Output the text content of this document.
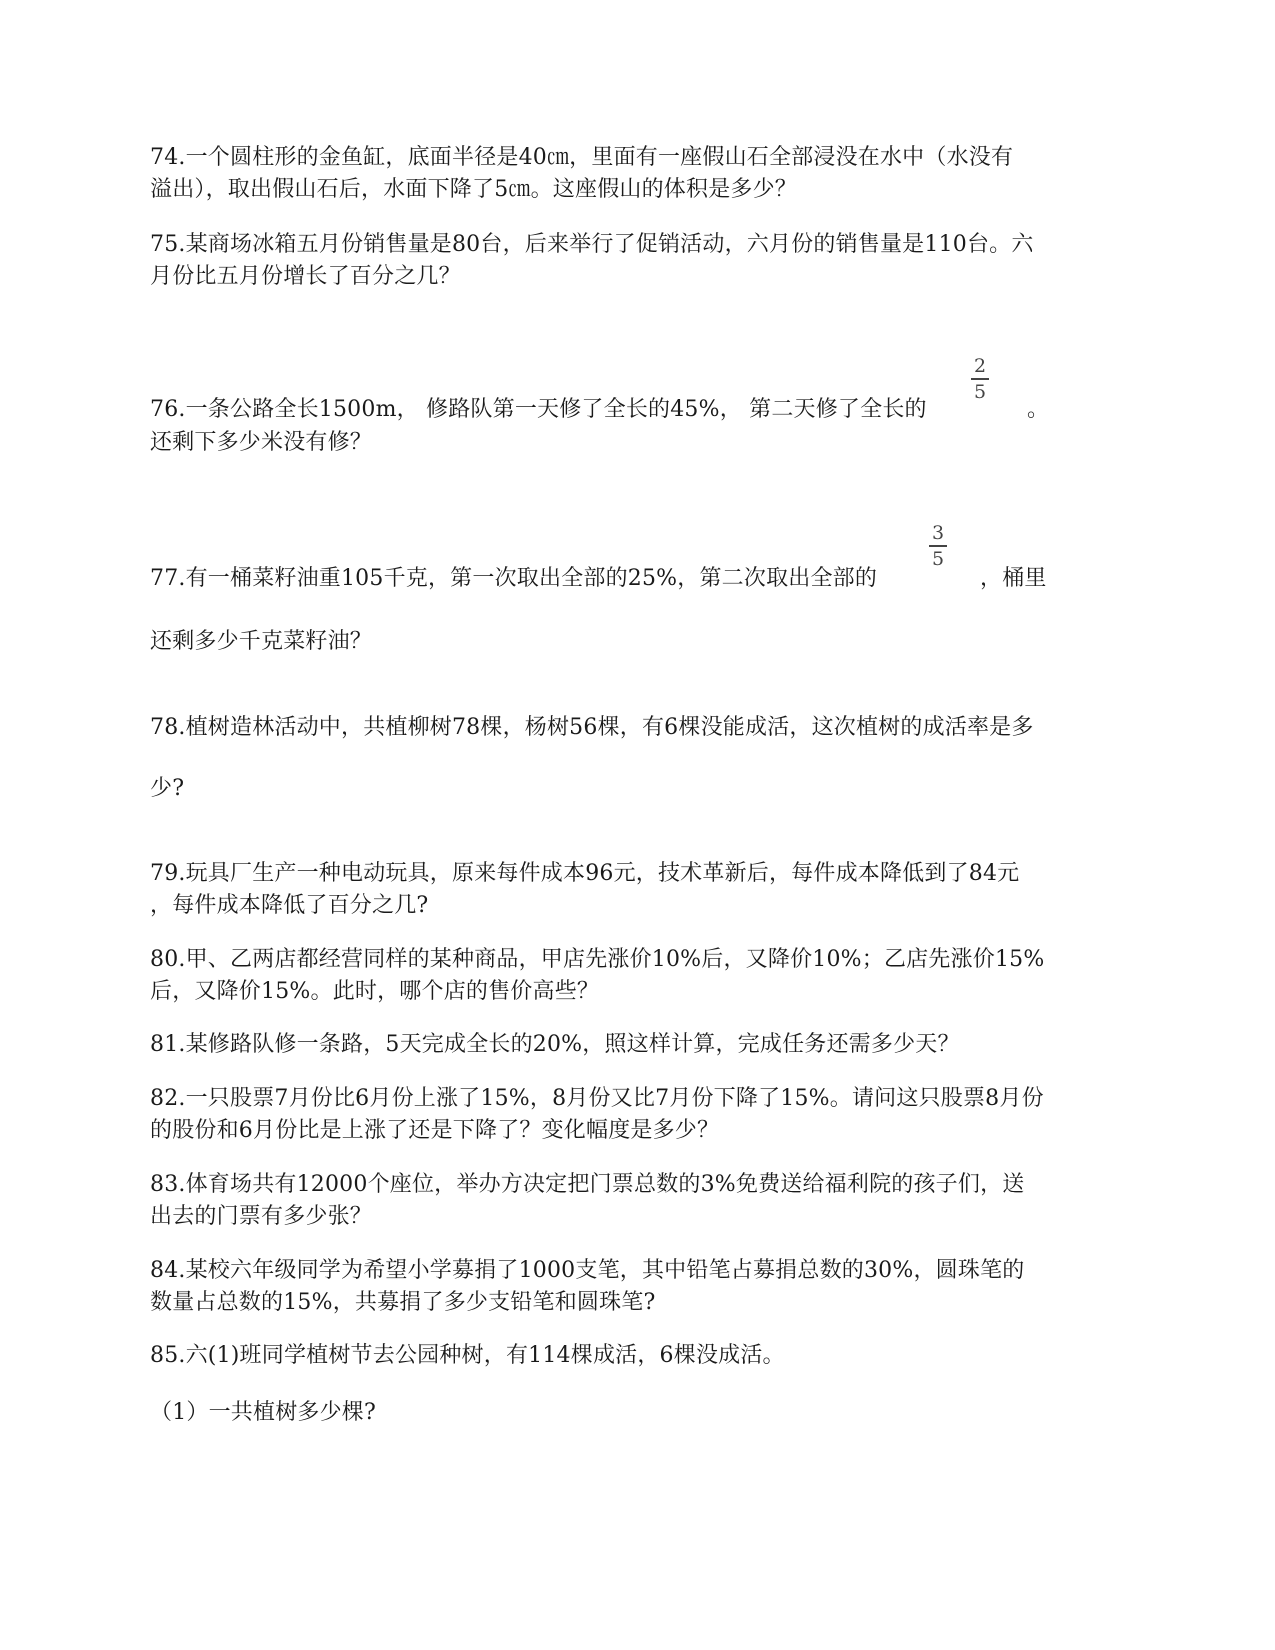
74.一个圆柱形的金鱼缸，底面半径是40㎝，里面有一座假山石全部浸没在水中（水没有
溢出），取出假山石后，水面下降了5㎝。这座假山的体积是多少？
75.某商场冰箱五月份销售量是80台，后来举行了促销活动，六月份的销售量是110台。六
月份比五月份增长了百分之几？
76.一条公路全长1500m， 修路队第一天修了全长的45%， 第二天修了全长的
2
5
。
还剩下多少米没有修？
77.有一桶菜籽油重105千克，第一次取出全部的25%，第二次取出全部的
3
5
，桶里
还剩多少千克菜籽油？
78.植树造林活动中，共植柳树78棵，杨树56棵，有6棵没能成活，这次植树的成活率是多
少?
79.玩具厂生产一种电动玩具，原来每件成本96元，技术革新后，每件成本降低到了84元
，每件成本降低了百分之几?
80.甲、乙两店都经营同样的某种商品，甲店先涨价10%后，又降价10%；乙店先涨价15%
后，又降价15%。此时，哪个店的售价高些？
81.某修路队修一条路，5天完成全长的20%，照这样计算，完成任务还需多少天？
82.一只股票7月份比6月份上涨了15%，8月份又比7月份下降了15%。请问这只股票8月份
的股份和6月份比是上涨了还是下降了？变化幅度是多少？
83.体育场共有12000个座位，举办方决定把门票总数的3%免费送给福利院的孩子们，送
出去的门票有多少张？
84.某校六年级同学为希望小学募捐了1000支笔，其中铅笔占募捐总数的30%，圆珠笔的
数量占总数的15%，共募捐了多少支铅笔和圆珠笔?
85.六(1)班同学植树节去公园种树，有114棵成活，6棵没成活。
（1）一共植树多少棵?
